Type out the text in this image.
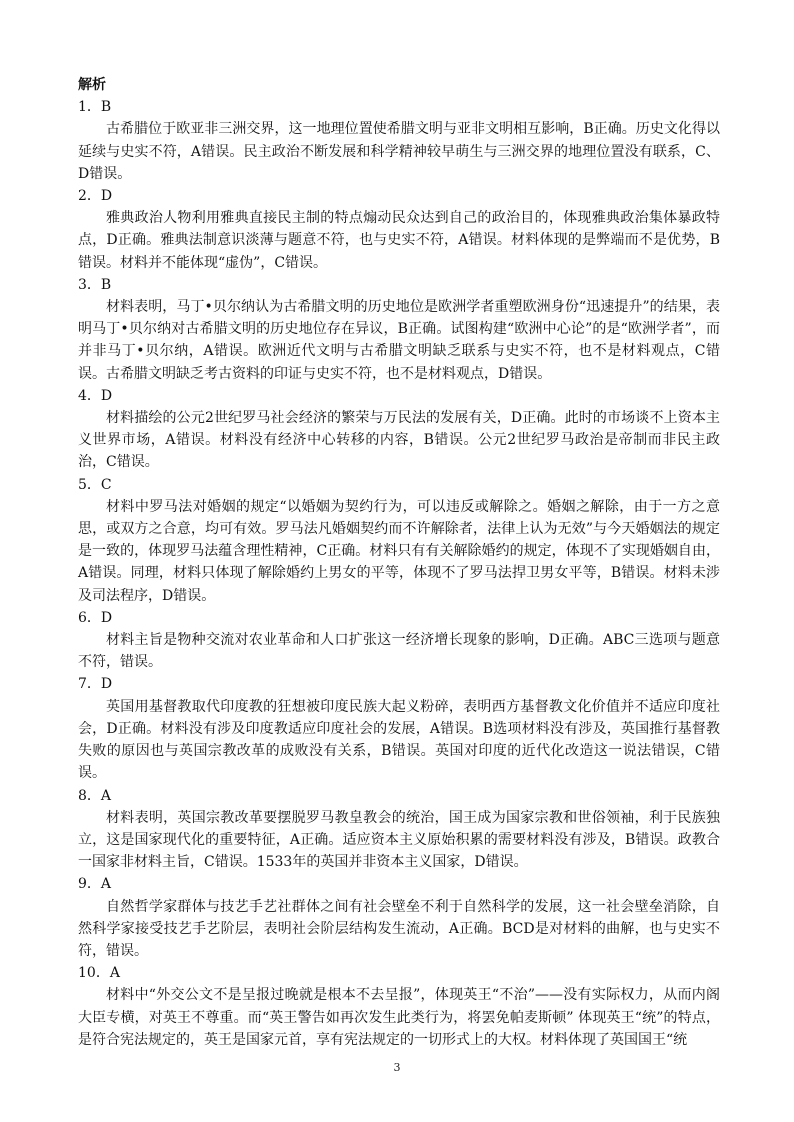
解析

1．B

古希腊位于欧亚非三洲交界，这一地理位置使希腊文明与亚非文明相互影响，B正确。历史文化得以延续与史实不符，A错误。民主政治不断发展和科学精神较早萌生与三洲交界的地理位置没有联系，C、D错误。

2．D

雅典政治人物利用雅典直接民主制的特点煽动民众达到自己的政治目的，体现雅典政治集体暴政特点，D正确。雅典法制意识淡薄与题意不符，也与史实不符，A错误。材料体现的是弊端而不是优势，B错误。材料并不能体现“虚伪”，C错误。

3．B

材料表明，马丁•贝尔纳认为古希腊文明的历史地位是欧洲学者重塑欧洲身份“迅速提升”的结果，表明马丁•贝尔纳对古希腊文明的历史地位存在异议，B正确。试图构建“欧洲中心论”的是“欧洲学者”，而并非马丁•贝尔纳，A错误。欧洲近代文明与古希腊文明缺乏联系与史实不符，也不是材料观点，C错误。古希腊文明缺乏考古资料的印证与史实不符，也不是材料观点，D错误。

4．D

材料描绘的公元2世纪罗马社会经济的繁荣与万民法的发展有关，D正确。此时的市场谈不上资本主义世界市场，A错误。材料没有经济中心转移的内容，B错误。公元2世纪罗马政治是帝制而非民主政治，C错误。

5．C

材料中罗马法对婚姻的规定“以婚姻为契约行为，可以违反或解除之。婚姻之解除，由于一方之意思，或双方之合意，均可有效。罗马法凡婚姻契约而不许解除者，法律上认为无效”与今天婚姻法的规定是一致的，体现罗马法蕴含理性精神，C正确。材料只有有关解除婚约的规定，体现不了实现婚姻自由，A错误。同理，材料只体现了解除婚约上男女的平等，体现不了罗马法捍卫男女平等，B错误。材料未涉及司法程序，D错误。

6．D

材料主旨是物种交流对农业革命和人口扩张这一经济增长现象的影响，D正确。ABC三选项与题意不符，错误。

7．D

英国用基督教取代印度教的狂想被印度民族大起义粉碎，表明西方基督教文化价值并不适应印度社会，D正确。材料没有涉及印度教适应印度社会的发展，A错误。B选项材料没有涉及，英国推行基督教失败的原因也与英国宗教改革的成败没有关系，B错误。英国对印度的近代化改造这一说法错误，C错误。

8．A

材料表明，英国宗教改革要摆脱罗马教皇教会的统治，国王成为国家宗教和世俗领袖，利于民族独立，这是国家现代化的重要特征，A正确。适应资本主义原始积累的需要材料没有涉及，B错误。政教合一国家非材料主旨，C错误。1533年的英国并非资本主义国家，D错误。

9．A

自然哲学家群体与技艺手艺社群体之间有社会壁垒不利于自然科学的发展，这一社会壁垒消除，自然科学家接受技艺手艺阶层，表明社会阶层结构发生流动，A正确。BCD是对材料的曲解，也与史实不符，错误。

10．A

材料中“外交公文不是呈报过晚就是根本不去呈报”，体现英王“不治”——没有实际权力，从而内阁大臣专横，对英王不尊重。而“英王警告如再次发生此类行为，将罢免帕麦斯顿” 体现英王“统”的特点，是符合宪法规定的，英王是国家元首，享有宪法规定的一切形式上的大权。材料体现了英国国王“统

3
